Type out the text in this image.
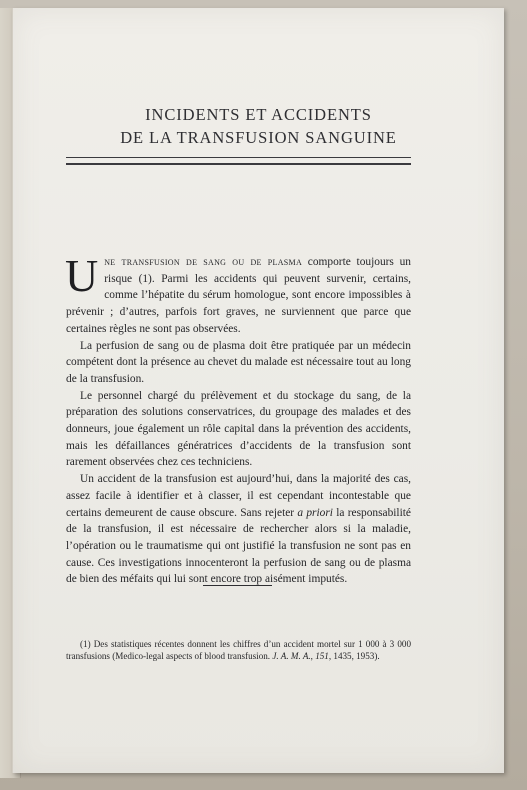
INCIDENTS ET ACCIDENTS
DE LA TRANSFUSION SANGUINE

Une transfusion de sang ou de plasma comporte toujours un risque (1). Parmi les accidents qui peuvent survenir, certains, comme l’hépatite du sérum homologue, sont encore impossibles à prévenir ; d’autres, parfois fort graves, ne surviennent que parce que certaines règles ne sont pas observées.

La perfusion de sang ou de plasma doit être pratiquée par un médecin compétent dont la présence au chevet du malade est nécessaire tout au long de la transfusion.

Le personnel chargé du prélèvement et du stockage du sang, de la préparation des solutions conservatrices, du groupage des malades et des donneurs, joue également un rôle capital dans la prévention des accidents, mais les défaillances génératrices d’accidents de la transfusion sont rarement observées chez ces techniciens.

Un accident de la transfusion est aujourd’hui, dans la majorité des cas, assez facile à identifier et à classer, il est cependant incontestable que certains demeurent de cause obscure. Sans rejeter a priori la responsabilité de la transfusion, il est nécessaire de rechercher alors si la maladie, l’opération ou le traumatisme qui ont justifié la transfusion ne sont pas en cause. Ces investigations innocenteront la perfusion de sang ou de plasma de bien des méfaits qui lui sont encore trop aisément imputés.

(1) Des statistiques récentes donnent les chiffres d’un accident mortel sur 1 000 à 3 000 transfusions (Medico-legal aspects of blood transfusion. J. A. M. A., 151, 1435, 1953).
